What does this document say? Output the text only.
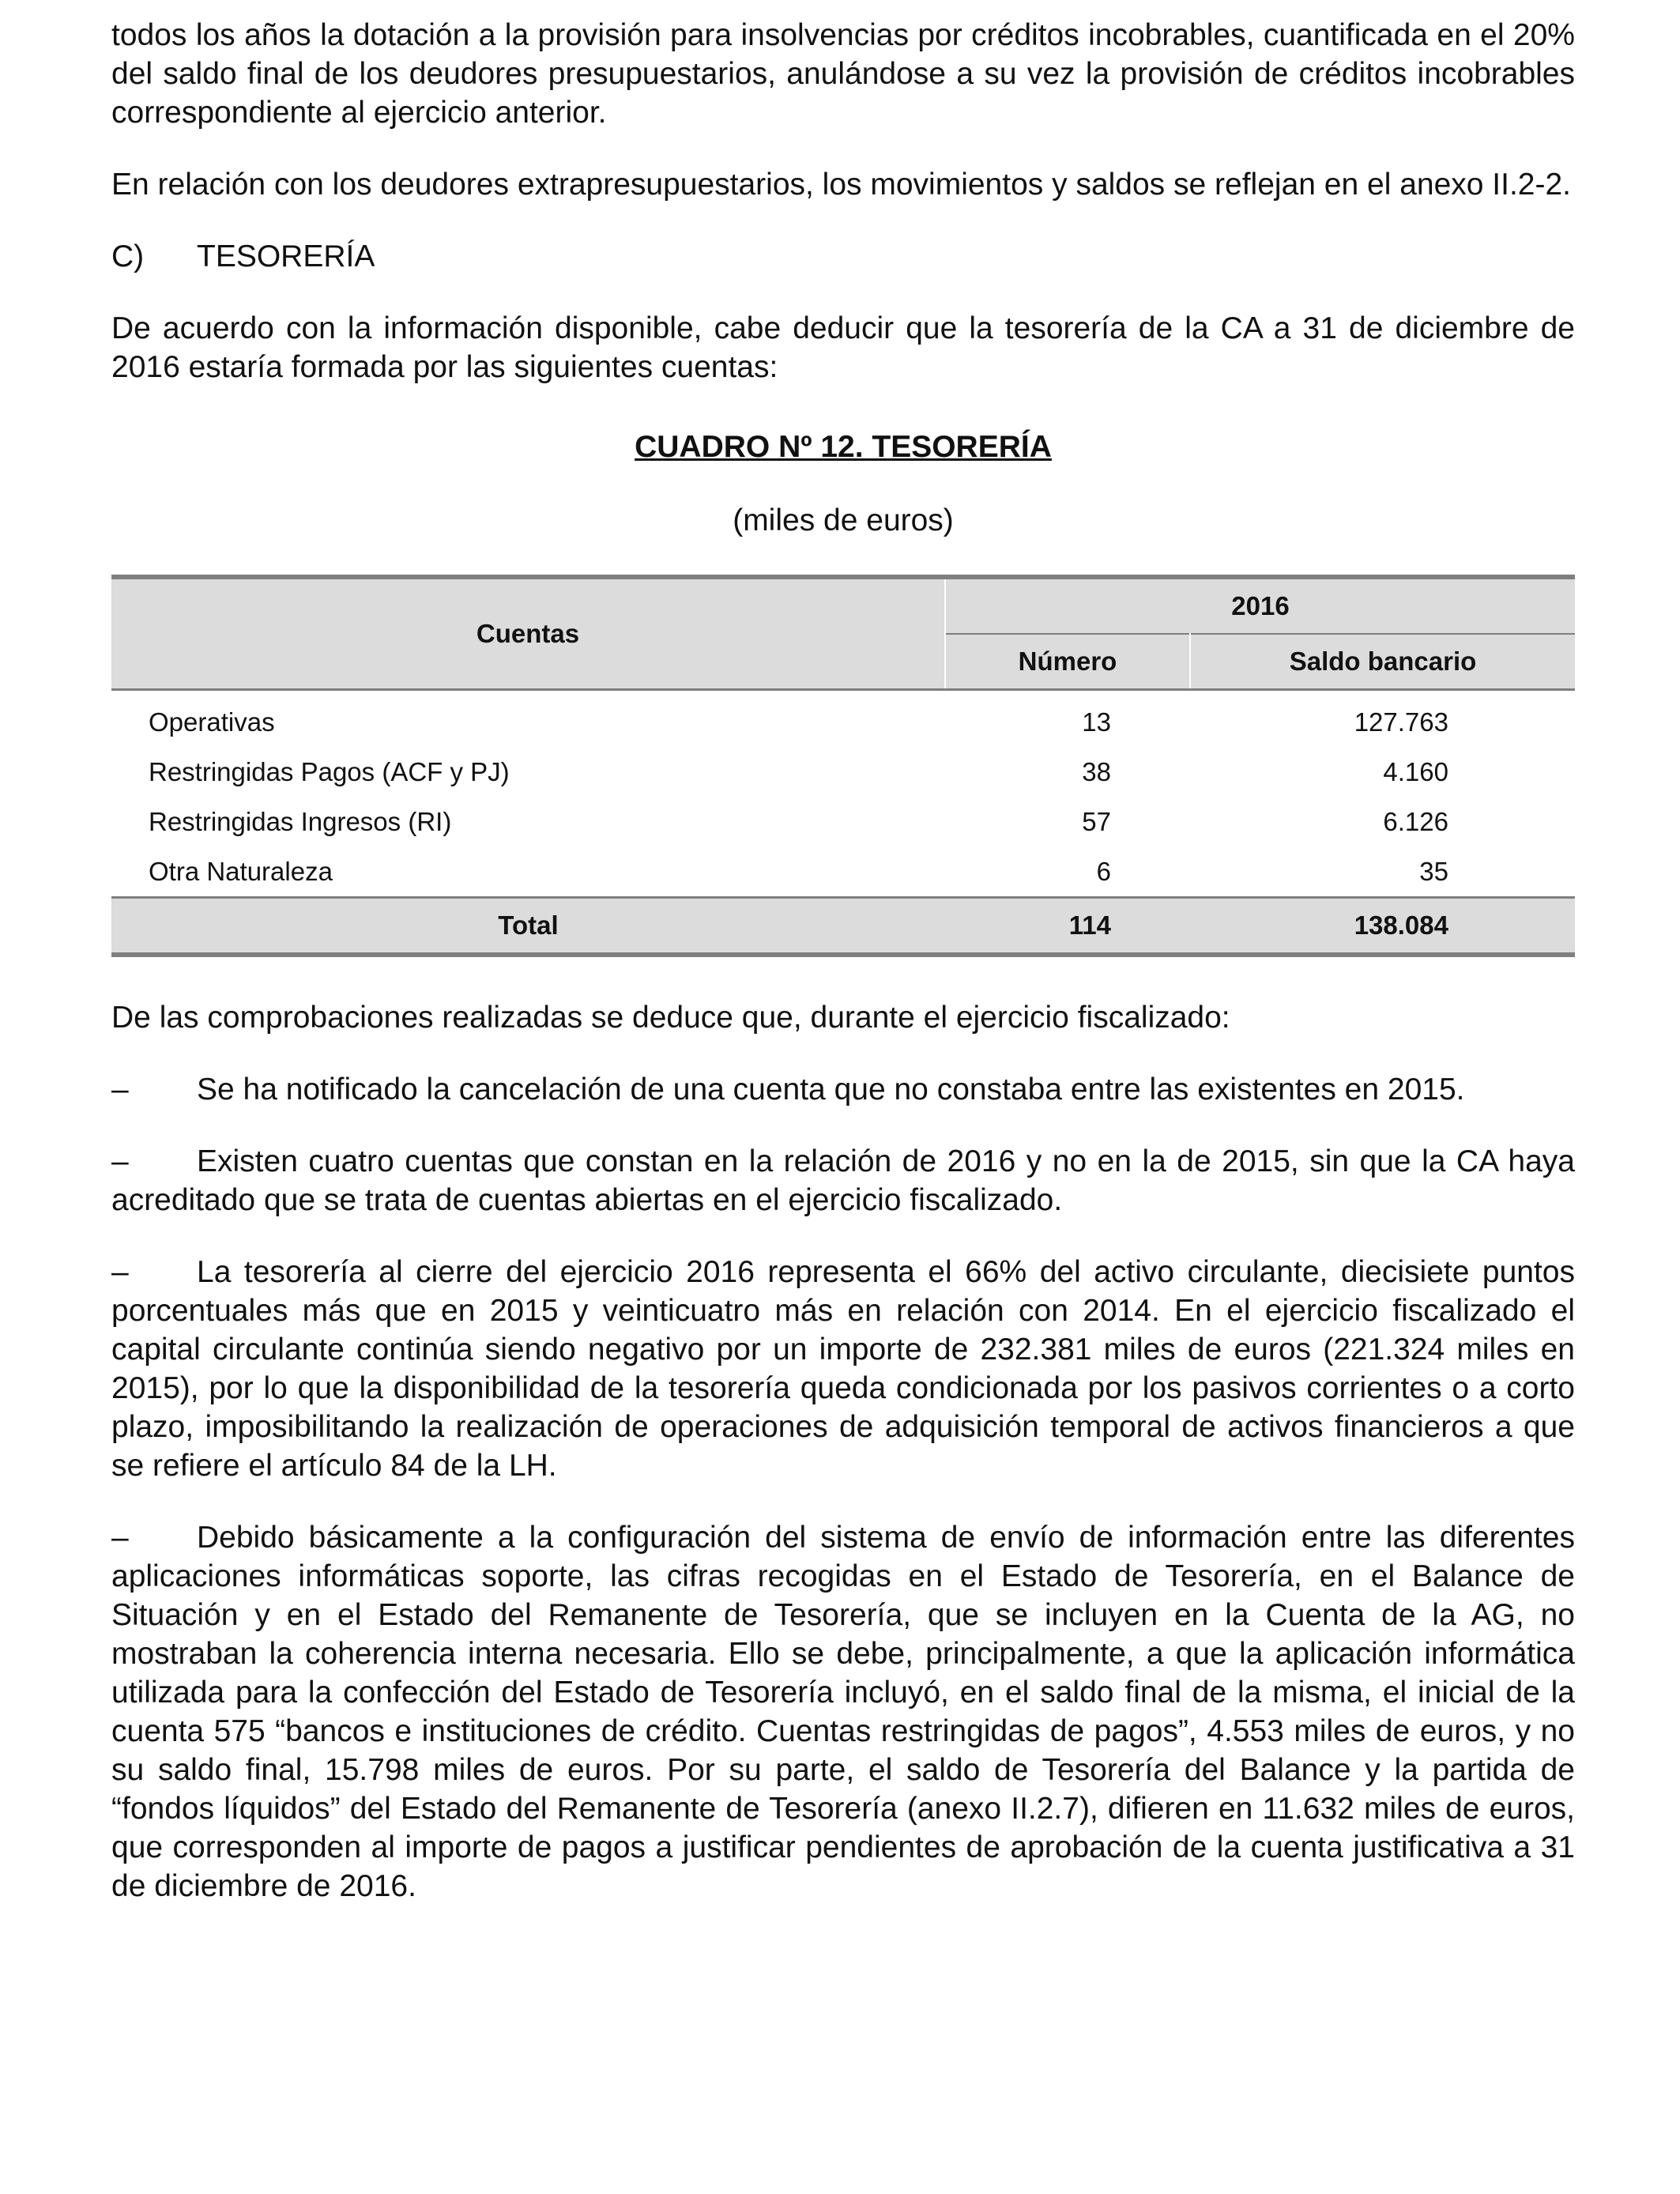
todos los años la dotación a la provisión para insolvencias por créditos incobrables, cuantificada en el 20% del saldo final de los deudores presupuestarios, anulándose a su vez la provisión de créditos incobrables correspondiente al ejercicio anterior.

En relación con los deudores extrapresupuestarios, los movimientos y saldos se reflejan en el anexo II.2-2.

C) TESORERÍA

De acuerdo con la información disponible, cabe deducir que la tesorería de la CA a 31 de diciembre de 2016 estaría formada por las siguientes cuentas:

CUADRO Nº 12. TESORERÍA
(miles de euros)
Cuentas	2016	
	Número	Saldo bancario
Operativas	13	127.763
Restringidas Pagos (ACF y PJ)	38	4.160
Restringidas Ingresos (RI)	57	6.126
Otra Naturaleza	6	35
Total	114	138.084

De las comprobaciones realizadas se deduce que, durante el ejercicio fiscalizado:

– Se ha notificado la cancelación de una cuenta que no constaba entre las existentes en 2015.

– Existen cuatro cuentas que constan en la relación de 2016 y no en la de 2015, sin que la CA haya acreditado que se trata de cuentas abiertas en el ejercicio fiscalizado.

– La tesorería al cierre del ejercicio 2016 representa el 66% del activo circulante, diecisiete puntos porcentuales más que en 2015 y veinticuatro más en relación con 2014. En el ejercicio fiscalizado el capital circulante continúa siendo negativo por un importe de 232.381 miles de euros (221.324 miles en 2015), por lo que la disponibilidad de la tesorería queda condicionada por los pasivos corrientes o a corto plazo, imposibilitando la realización de operaciones de adquisición temporal de activos financieros a que se refiere el artículo 84 de la LH.

– Debido básicamente a la configuración del sistema de envío de información entre las diferentes aplicaciones informáticas soporte, las cifras recogidas en el Estado de Tesorería, en el Balance de Situación y en el Estado del Remanente de Tesorería, que se incluyen en la Cuenta de la AG, no mostraban la coherencia interna necesaria. Ello se debe, principalmente, a que la aplicación informática utilizada para la confección del Estado de Tesorería incluyó, en el saldo final de la misma, el inicial de la cuenta 575 “bancos e instituciones de crédito. Cuentas restringidas de pagos”, 4.553 miles de euros, y no su saldo final, 15.798 miles de euros. Por su parte, el saldo de Tesorería del Balance y la partida de “fondos líquidos” del Estado del Remanente de Tesorería (anexo II.2.7), difieren en 11.632 miles de euros, que corresponden al importe de pagos a justificar pendientes de aprobación de la cuenta justificativa a 31 de diciembre de 2016.
